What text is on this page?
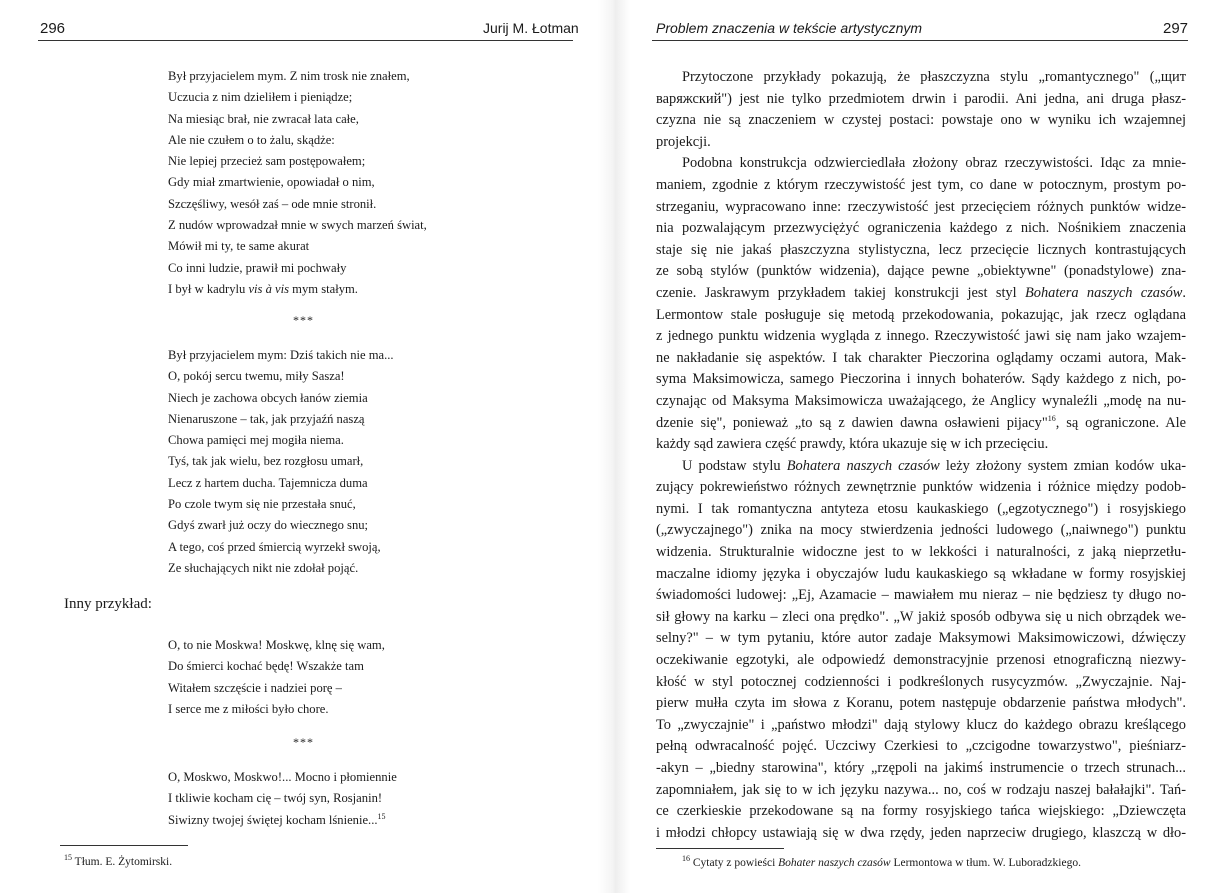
296	Jurij M. Łotman
Był przyjacielem mym. Z nim trosk nie znałem,
Uczucia z nim dzieliłem i pieniądze;
Na miesiąc brał, nie zwracał lata całe,
Ale nie czułem o to żalu, skądże:
Nie lepiej przecież sam postępowałem;
Gdy miał zmartwienie, opowiadał o nim,
Szczęśliwy, wesół zaś – ode mnie stronił.
Z nudów wprowadzał mnie w swych marzeń świat,
Mówił mi ty, te same akurat
Co inni ludzie, prawił mi pochwały
I był w kadrylu vis à vis mym stałym.
***
Był przyjacielem mym: Dziś takich nie ma...
O, pokój sercu twemu, miły Sasza!
Niech je zachowa obcych łanów ziemia
Nienaruszone – tak, jak przyjaźń naszą
Chowa pamięci mej mogiła niema.
Tyś, tak jak wielu, bez rozgłosu umarł,
Lecz z hartem ducha. Tajemnicza duma
Po czole twym się nie przestała snuć,
Gdyś zwarł już oczy do wiecznego snu;
A tego, coś przed śmiercią wyrzekł swoją,
Ze słuchających nikt nie zdołał pojąć.
Inny przykład:
O, to nie Moskwa! Moskwę, klnę się wam,
Do śmierci kochać będę! Wszakże tam
Witałem szczęście i nadziei porę –
I serce me z miłości było chore.
***
O, Moskwo, Moskwo!... Mocno i płomiennie
I tkliwie kocham cię – twój syn, Rosjanin!
Siwizny twojej świętej kocham lśnienie...$^{15}$
$^{15}$ Tłum. E. Żytomirski.
297
Problem znaczenia w tekście artystycznym
Przytoczone przykłady pokazują, że płaszczyzna stylu „romantycznego" („щит
варяжский") jest nie tylko przedmiotem drwin i parodii. Ani jedna, ani druga płasz-
czyzna nie są znaczeniem w czystej postaci: powstaje ono w wyniku ich wzajemnej
projekcji.
Podobna konstrukcja odzwierciedlała złożony obraz rzeczywistości. Idąc za mnie-
maniem, zgodnie z którym rzeczywistość jest tym, co dane w potocznym, prostym po-
strzeganiu, wypracowano inne: rzeczywistość jest przecięciem różnych punktów widze-
nia pozwalającym przezwyciężyć ograniczenia każdego z nich. Nośnikiem znaczenia
staje się nie jakaś płaszczyzna stylistyczna, lecz przecięcie licznych kontrastujących
ze sobą stylów (punktów widzenia), dające pewne „obiektywne" (ponadstylowe) zna-
czenie. Jaskrawym przykładem takiej konstrukcji jest styl Bohatera naszych czasów.
Lermontow stale posługuje się metodą przekodowania, pokazując, jak rzecz oglądana
z jednego punktu widzenia wygląda z innego. Rzeczywistość jawi się nam jako wzajem-
ne nakładanie się aspektów. I tak charakter Pieczorina oglądamy oczami autora, Mak-
syma Maksimowicza, samego Pieczorina i innych bohaterów. Sądy każdego z nich, po-
czynając od Maksyma Maksimowicza uważającego, że Anglicy wynaleźli „modę na nu-
dzenie się", ponieważ „to są z dawien dawna osławieni pijacy"$^{16}$, są ograniczone. Ale
każdy sąd zawiera część prawdy, która ukazuje się w ich przecięciu.
U podstaw stylu Bohatera naszych czasów leży złożony system zmian kodów uka-
zujący pokrewieństwo różnych zewnętrznie punktów widzenia i różnice między podob-
nymi. I tak romantyczna antyteza etosu kaukaskiego („egzotycznego") i rosyjskiego
(„zwyczajnego") znika na mocy stwierdzenia jedności ludowego („naiwnego") punktu
widzenia. Strukturalnie widoczne jest to w lekkości i naturalności, z jaką nieprzetłu-
maczalne idiomy języka i obyczajów ludu kaukaskiego są wkładane w formy rosyjskiej
świadomości ludowej: „Ej, Azamacie – mawiałem mu nieraz – nie będziesz ty długo no-
sił głowy na karku – zleci ona prędko". „W jakiż sposób odbywa się u nich obrządek we-
selny?" – w tym pytaniu, które autor zadaje Maksymowi Maksimowiczowi, dźwięczy
oczekiwanie egzotyki, ale odpowiedź demonstracyjnie przenosi etnograficzną niezwy-
kłość w styl potocznej codzienności i podkreślonych rusycyzmów. „Zwyczajnie. Naj-
pierw mułła czyta im słowa z Koranu, potem następuje obdarzenie państwa młodych".
To „zwyczajnie" i „państwo młodzi" dają stylowy klucz do każdego obrazu kreślącego
pełną odwracalność pojęć. Uczciwy Czerkiesi to „czcigodne towarzystwo", pieśniarz-
-akyn – „biedny starowina", który „rzępoli na jakimś instrumencie o trzech strunach...
zapomniałem, jak się to w ich języku nazywa... no, coś w rodzaju naszej bałałajki". Tań-
ce czerkieskie przekodowane są na formy rosyjskiego tańca wiejskiego: „Dziewczęta
i młodzi chłopcy ustawiają się w dwa rzędy, jeden naprzeciw drugiego, klaszczą w dło-
$^{16}$ Cytaty z powieści Bohater naszych czasów Lermontowa w tłum. W. Luboradzkiego.
